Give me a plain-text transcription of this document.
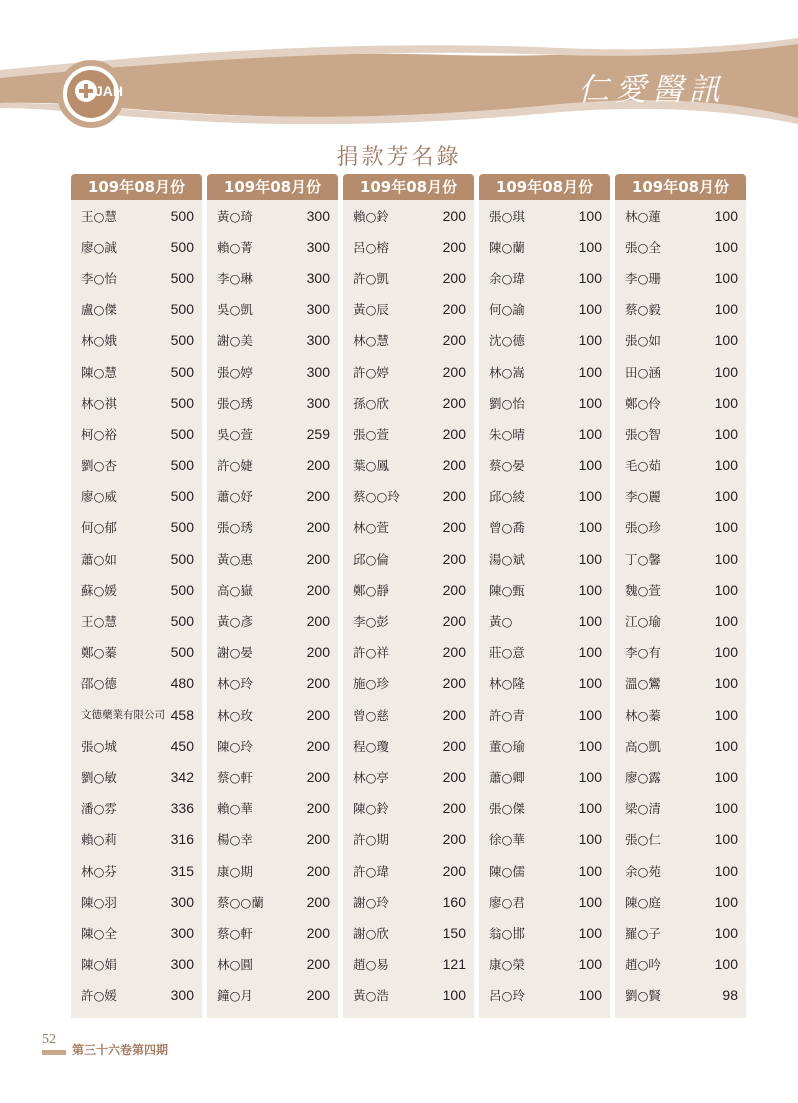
JAH	仁愛醫訊
捐款芳名錄
109年08月份
王○慧	500
廖○誠	500
李○怡	500
盧○傑	500
林○娥	500
陳○慧	500
林○祺	500
柯○裕	500
劉○杏	500
廖○威	500
何○郁	500
蕭○如	500
蘇○媛	500
王○慧	500
鄭○蓁	500
邵○德	480
文德藥業有限公司 458
張○城	450
劉○敏	342
潘○雰	336
賴○莉	316
林○芬	315
陳○羽	300
陳○全	300
陳○娟	300
許○媛	300
109年08月份
黃○琦	300
賴○菁	300
李○琳	300
吳○凱	300
謝○美	300
張○婷	300
張○琇	300
吳○萱	259
許○婕	200
蕭○妤	200
張○琇	200
黃○惠	200
高○嶽	200
黃○彥	200
謝○晏	200
林○玲	200
林○玫	200
陳○玲	200
蔡○軒	200
賴○華	200
楊○幸	200
康○期	200
蔡○○蘭	200
蔡○軒	200
林○圓	200
鐘○月	200
109年08月份
賴○鈴	200
呂○榕	200
許○凱	200
黃○辰	200
林○慧	200
許○婷	200
孫○欣	200
張○萱	200
葉○鳳	200
蔡○○玲	200
林○萱	200
邱○倫	200
鄭○靜	200
李○彭	200
許○祥	200
施○珍	200
曾○慈	200
程○瓊	200
林○亭	200
陳○鈴	200
許○期	200
許○瑋	200
謝○玲	160
謝○欣	150
趙○易	121
黃○浩	100
109年08月份
張○琪	100
陳○蘭	100
余○瑋	100
何○諭	100
沈○德	100
林○嵩	100
劉○怡	100
朱○晴	100
蔡○晏	100
邱○綾	100
曾○喬	100
湯○斌	100
陳○甄	100
黃○	100
莊○意	100
林○隆	100
許○青	100
董○瑜	100
蕭○卿	100
張○傑	100
徐○華	100
陳○儒	100
廖○君	100
翁○邯	100
康○榮	100
呂○玲	100
109年08月份
林○蓮	100
張○全	100
李○珊	100
蔡○毅	100
張○如	100
田○涵	100
鄭○伶	100
張○智	100
毛○茹	100
李○麗	100
張○珍	100
丁○馨	100
魏○萱	100
江○瑜	100
李○有	100
溫○鸞	100
林○蓁	100
高○凱	100
廖○露	100
梁○清	100
張○仁	100
余○苑	100
陳○庭	100
羅○子	100
趙○吟	100
劉○賢	98
52
第三十六卷第四期
